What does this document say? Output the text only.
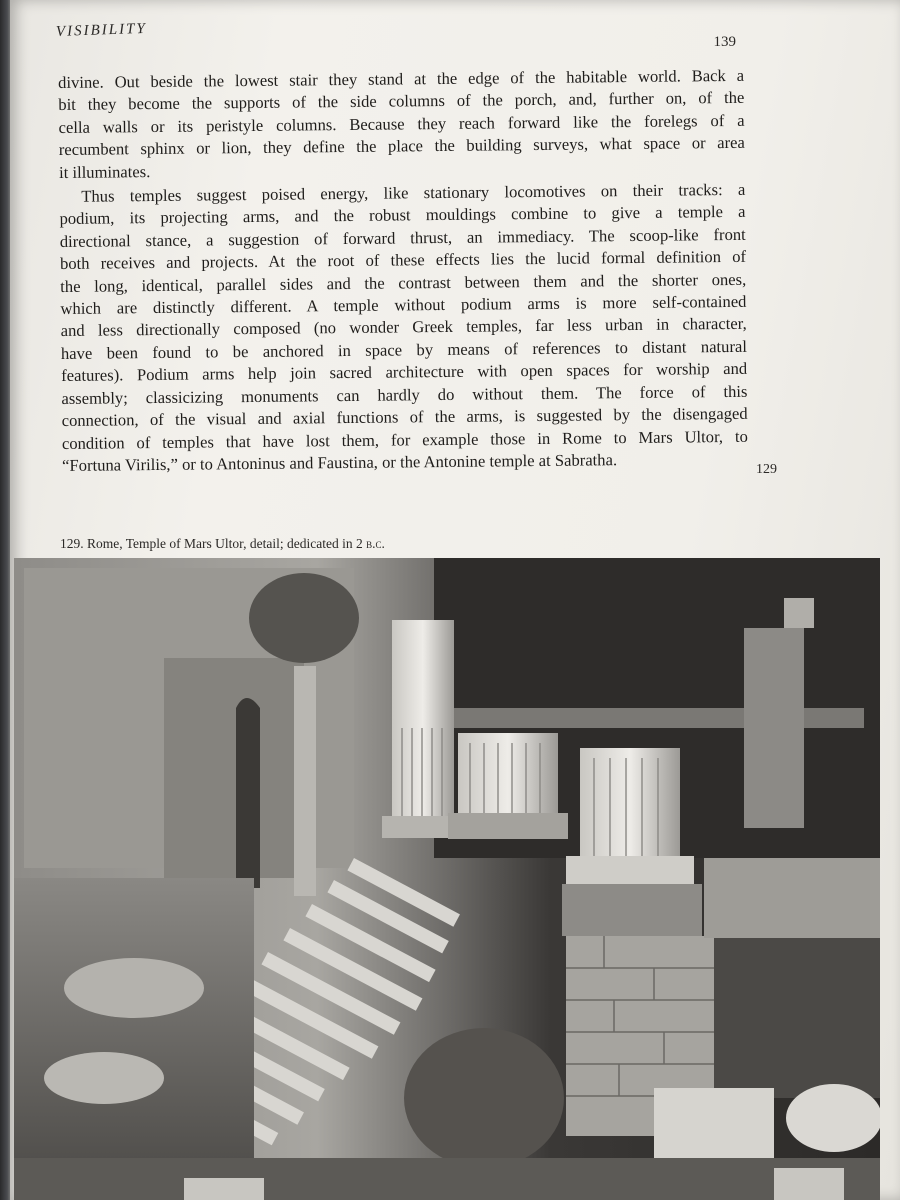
VISIBILITY
139

divine. Out beside the lowest stair they stand at the edge of the habitable world. Back a
bit they become the supports of the side columns of the porch, and, further on, of the
cella walls or its peristyle columns. Because they reach forward like the forelegs of a
recumbent sphinx or lion, they define the place the building surveys, what space or area
it illuminates.

Thus temples suggest poised energy, like stationary locomotives on their tracks: a
podium, its projecting arms, and the robust mouldings combine to give a temple a
directional stance, a suggestion of forward thrust, an immediacy. The scoop-like front
both receives and projects. At the root of these effects lies the lucid formal definition of
the long, identical, parallel sides and the contrast between them and the shorter ones,
which are distinctly different. A temple without podium arms is more self-contained
and less directionally composed (no wonder Greek temples, far less urban in character,
have been found to be anchored in space by means of references to distant natural
features). Podium arms help join sacred architecture with open spaces for worship and
assembly; classicizing monuments can hardly do without them. The force of this
connection, of the visual and axial functions of the arms, is suggested by the disengaged
condition of temples that have lost them, for example those in Rome to Mars Ultor, to
“Fortuna Virilis,” or to Antoninus and Faustina, or the Antonine temple at Sabratha.	129
129. Rome, Temple of Mars Ultor, detail; dedicated in 2 b.c.
